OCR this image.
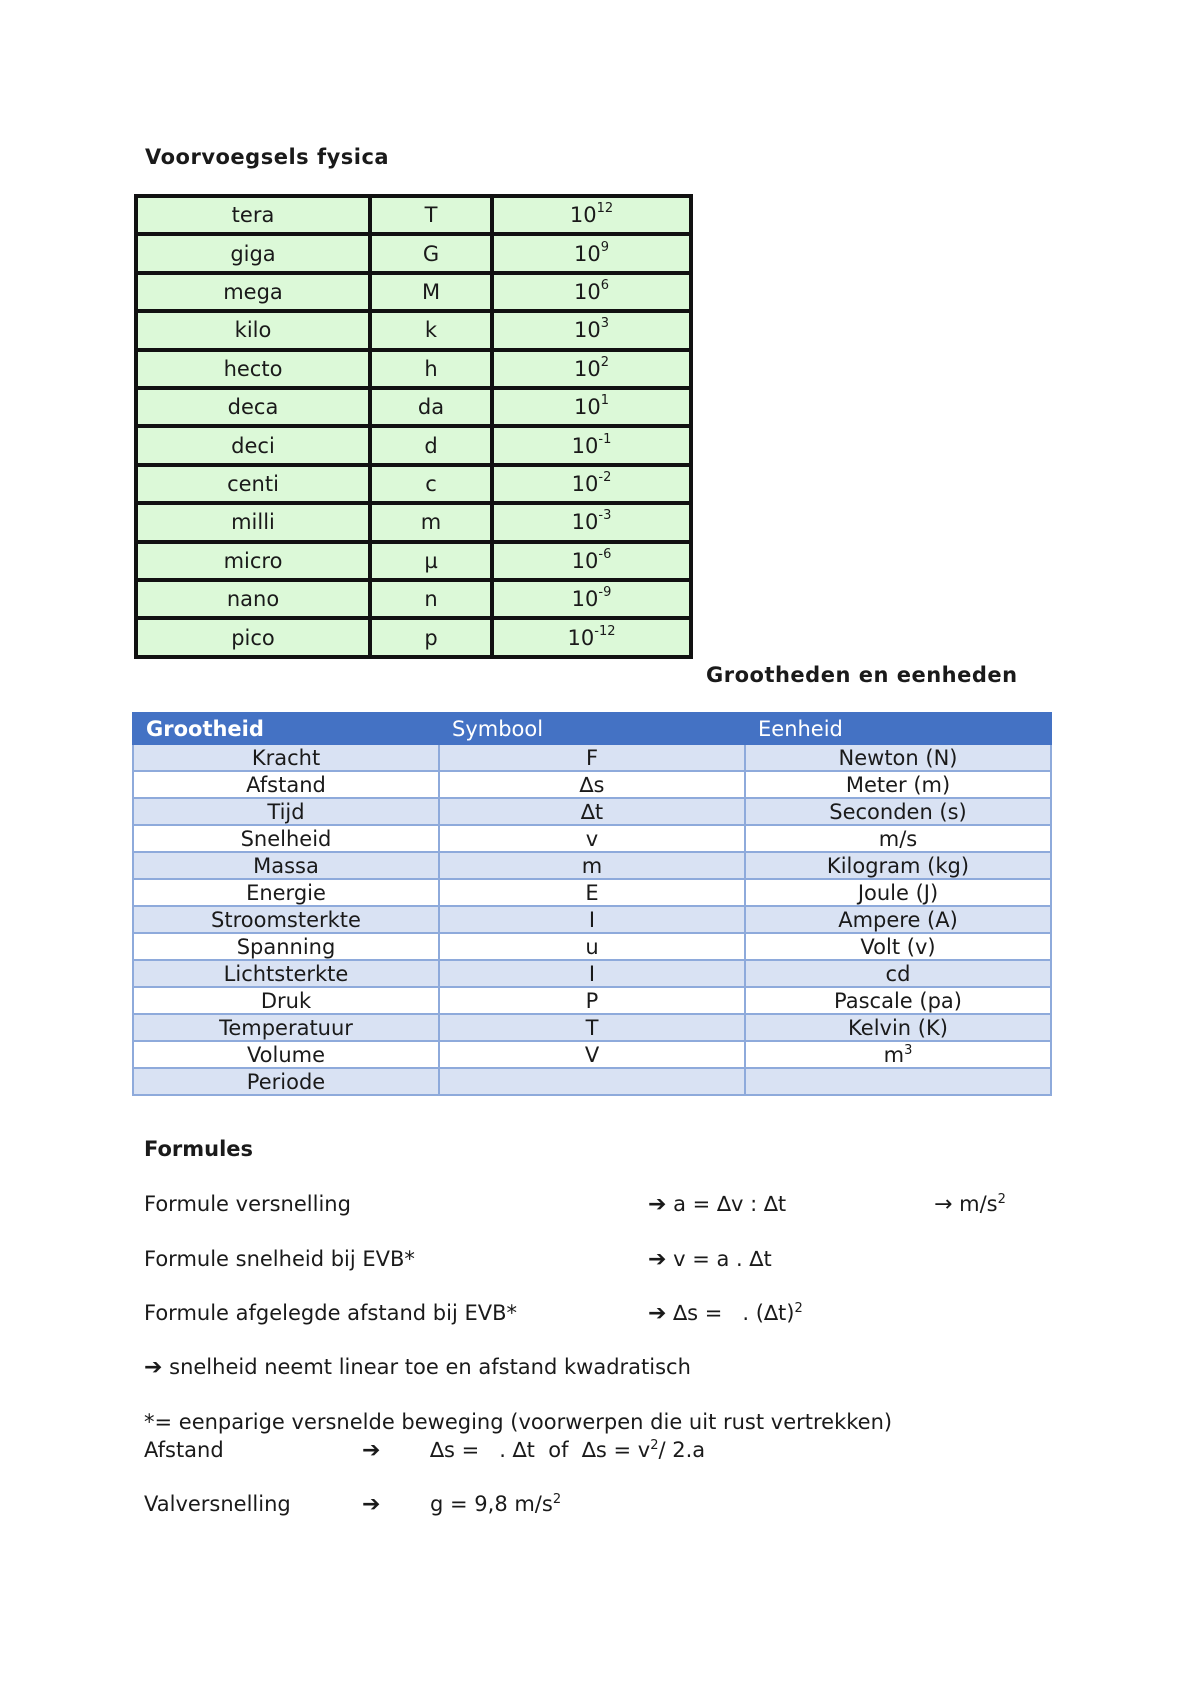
Voorvoegsels fysica
tera	T	$10^{12}$
giga	G	$10^9$
mega	M	$10^6$
kilo	k	$10^3$
hecto	h	$10^2$
deca	da	$10^1$
deci	d	$10^{-1}$
centi	c	$10^{-2}$
milli	m	$10^{-3}$
micro	µ	$10^{-6}$
nano	n	$10^{-9}$
pico	p	$10^{-12}$
Grootheden en eenheden
Grootheid	Symbool	Eenheid
Kracht	F	Newton (N)
Afstand	∆s	Meter (m)
Tijd	∆t	Seconden (s)
Snelheid	v	m/s
Massa	m	Kilogram (kg)
Energie	E	Joule (J)
Stroomsterkte	I	Ampere (A)
Spanning	u	Volt (v)
Lichtsterkte	I	cd
Druk	P	Pascale (pa)
Temperatuur	T	Kelvin (K)
Volume	V	$m^3$
Periode		
Formules
Formule versnelling	➔ a = ∆v : ∆t	→ $m/s^2$
Formule snelheid bij EVB*	➔ v = a . ∆t
Formule afgelegde afstand bij EVB*	➔ ∆s =   . $(\Delta t)^2$
➔ snelheid neemt linear toe en afstand kwadratisch
*= eenparige versnelde beweging (voorwerpen die uit rust vertrekken)
Afstand	➔ ∆s =   . ∆t  of  $\Delta s = v^2/$ 2.a
Valversnelling	➔ g = 9,8 $m/s^2$
